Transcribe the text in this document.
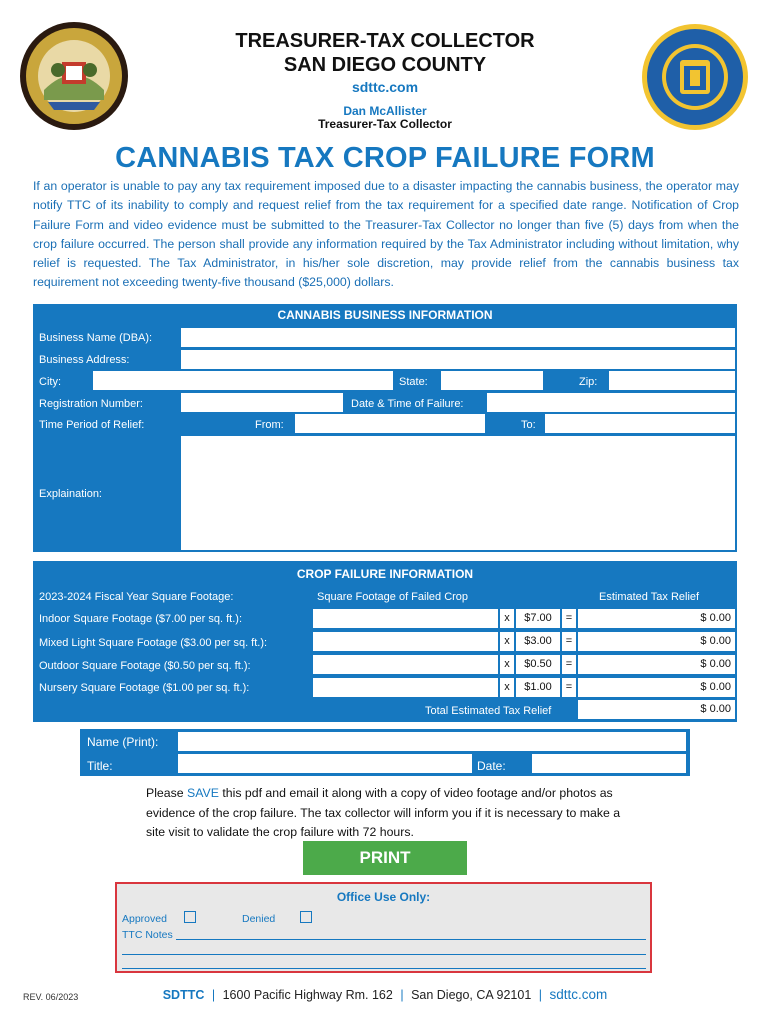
TREASURER-TAX COLLECTOR
SAN DIEGO COUNTY
sdttc.com
Dan McAllister
Treasurer-Tax Collector
CANNABIS TAX CROP FAILURE FORM
If an operator is unable to pay any tax requirement imposed due to a disaster impacting the cannabis business, the operator may notify TTC of its inability to comply and request relief from the tax requirement for a specified date range. Notification of Crop Failure Form and video evidence must be submitted to the Treasurer-Tax Collector no longer than five (5) days from when the crop failure occurred. The person shall provide any information required by the Tax Administrator including without limitation, why relief is requested. The Tax Administrator, in his/her sole discretion, may provide relief from the cannabis business tax requirement not exceeding twenty-five thousand ($25,000) dollars.
CANNABIS BUSINESS INFORMATION
Business Name (DBA):
Business Address:
City:	State:	Zip:
Registration Number:	Date & Time of Failure:
Time Period of Relief:	From:	To:
Explaination:
CROP FAILURE INFORMATION
2023-2024 Fiscal Year Square Footage:	Square Footage of Failed Crop	Estimated Tax Relief
Indoor Square Footage ($7.00 per sq. ft.):	x	$7.00	=	$ 0.00
Mixed Light Square Footage ($3.00 per sq. ft.):	x	$3.00	=	$ 0.00
Outdoor Square Footage ($0.50 per sq. ft.):	x	$0.50	=	$ 0.00
Nursery Square Footage ($1.00 per sq. ft.):	x	$1.00	=	$ 0.00
Total Estimated Tax Relief	$ 0.00
Name (Print):
Title:	Date:
Please SAVE this pdf and email it along with a copy of video footage and/or photos as evidence of the crop failure. The tax collector will inform you if it is necessary to make a site visit to validate the crop failure with 72 hours.
PRINT
Office Use Only:
Approved	Denied
TTC Notes
REV. 06/2023	SDTTC | 1600 Pacific Highway Rm. 162 | San Diego, CA 92101 | sdttc.com
